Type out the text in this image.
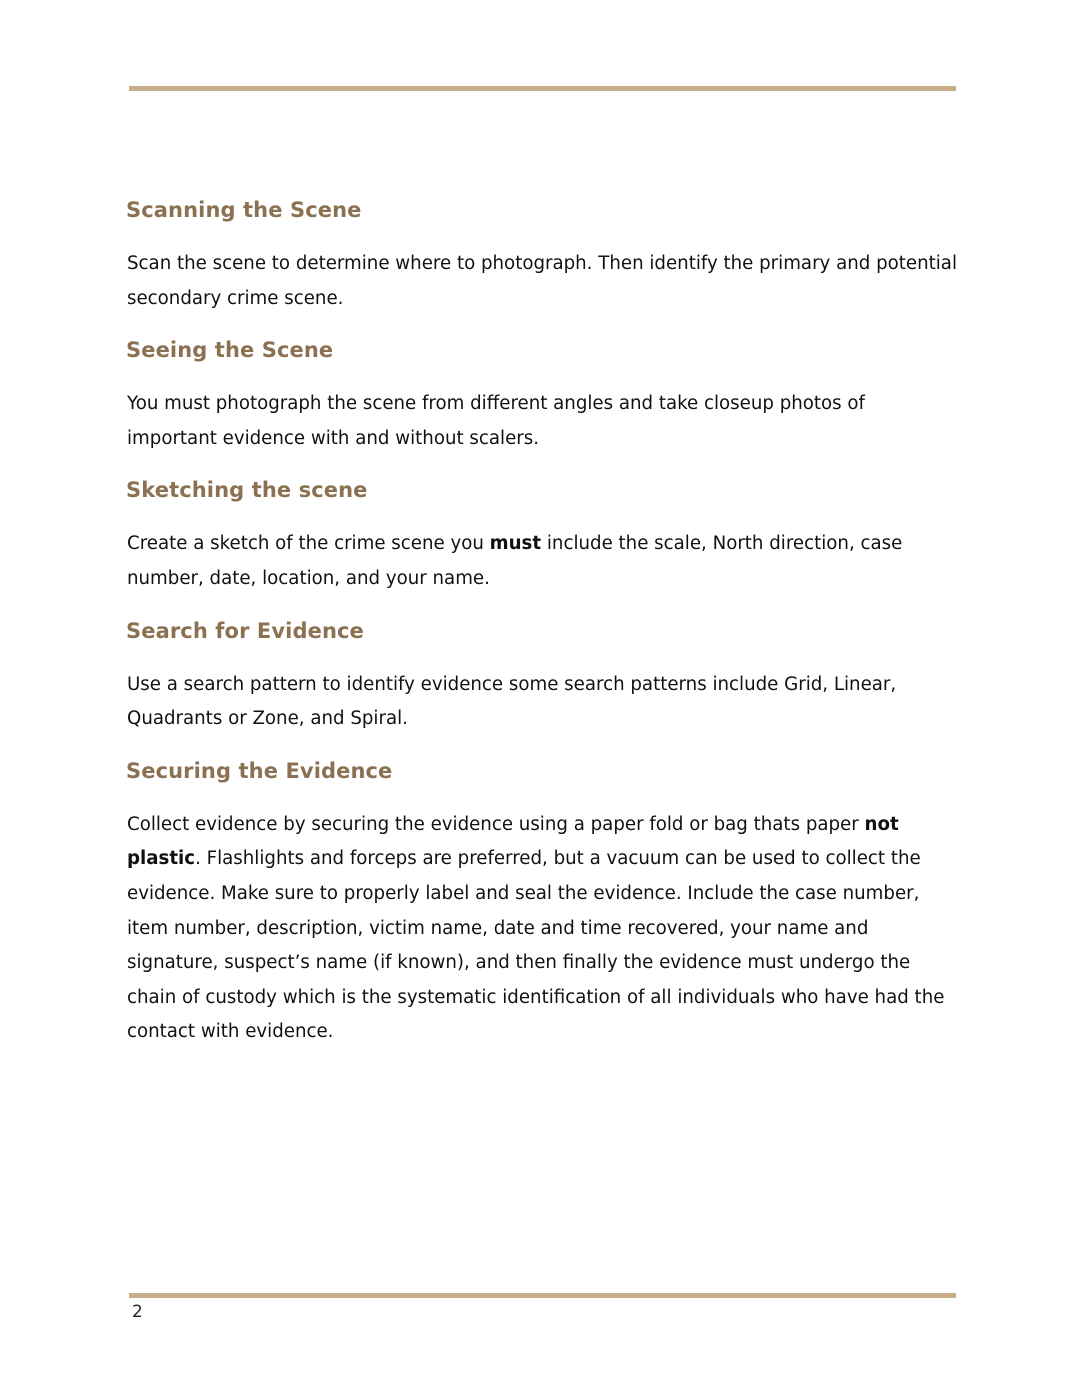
Scanning the Scene

Scan the scene to determine where to photograph. Then identify the primary and potential secondary crime scene.

Seeing the Scene

You must photograph the scene from different angles and take closeup photos of important evidence with and without scalers.

Sketching the scene

Create a sketch of the crime scene you must include the scale, North direction, case number, date, location, and your name.

Search for Evidence

Use a search pattern to identify evidence some search patterns include Grid, Linear, Quadrants or Zone, and Spiral.

Securing the Evidence

Collect evidence by securing the evidence using a paper fold or bag thats paper not plastic. Flashlights and forceps are preferred, but a vacuum can be used to collect the evidence. Make sure to properly label and seal the evidence. Include the case number, item number, description, victim name, date and time recovered, your name and signature, suspect’s name (if known), and then finally the evidence must undergo the chain of custody which is the systematic identification of all individuals who have had the contact with evidence.

2
